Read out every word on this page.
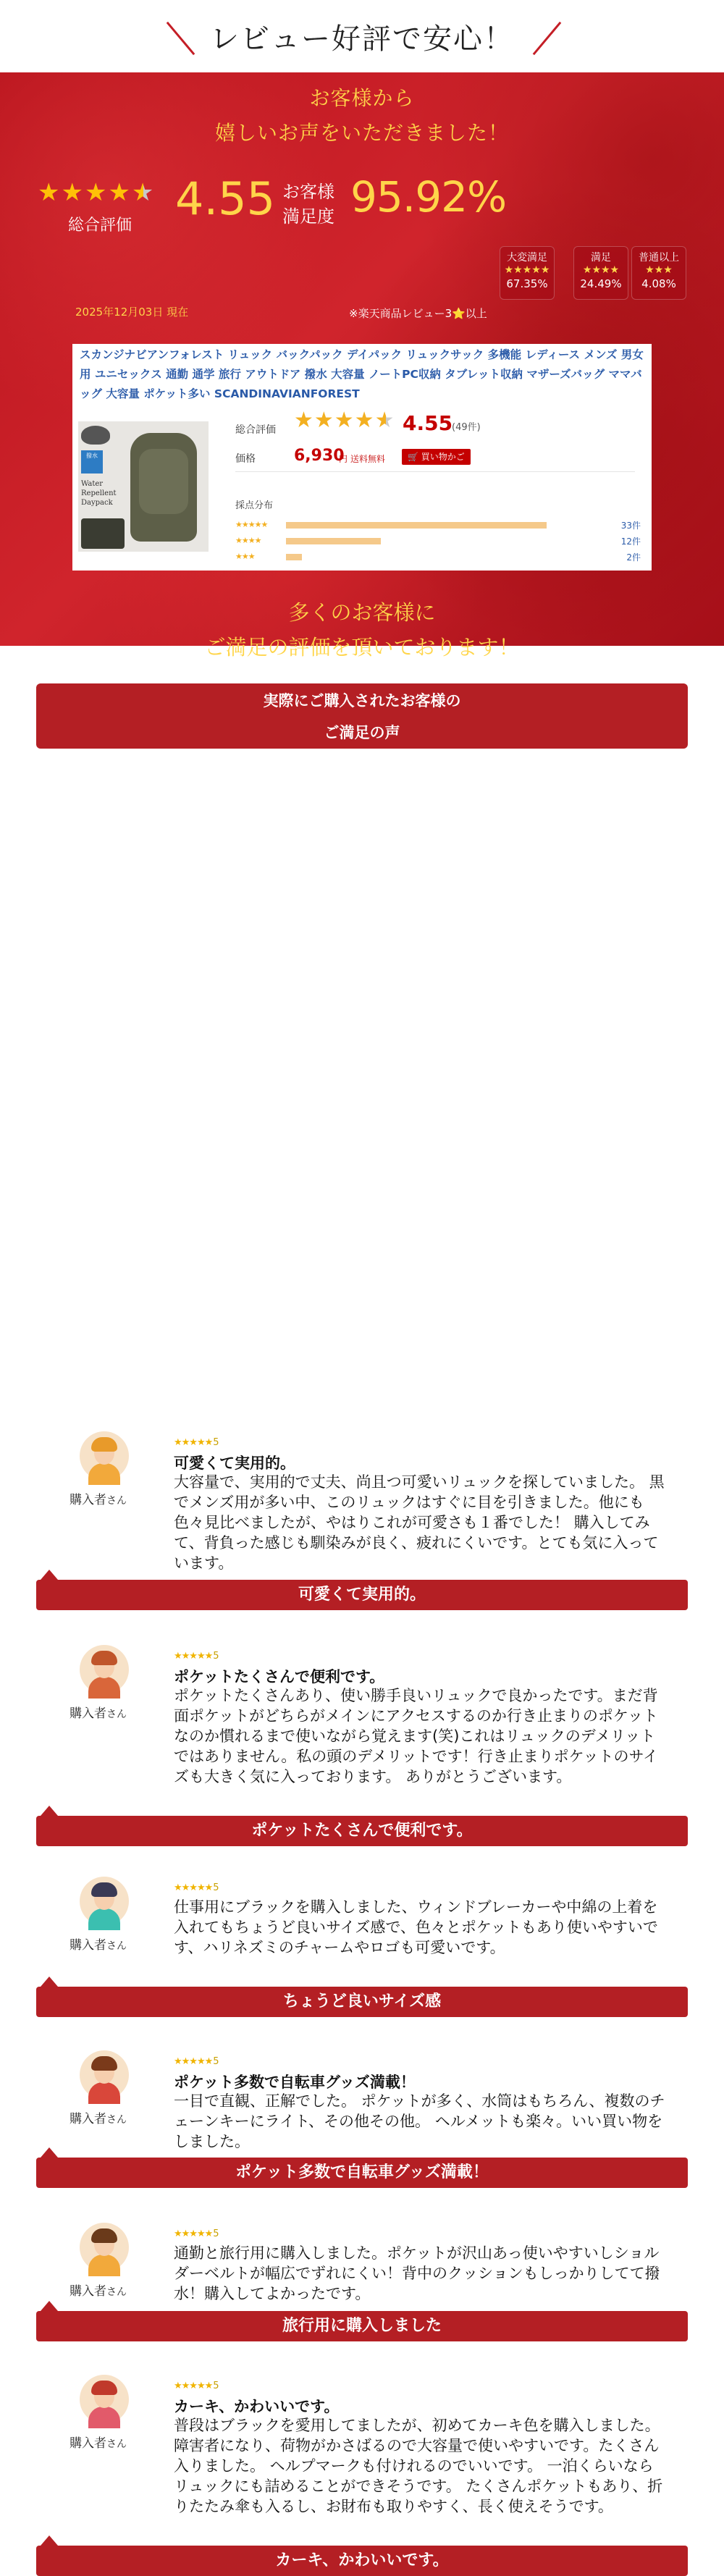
レビュー好評で安心！
お客様から
嬉しいお声をいただきました！
★★★★★
総合評価
4.55 お客様
満足度 95.92%
大変満足
★★★★★
67.35%
満足
★★★★
24.49%
普通以上
★★★
4.08%
2025年12月03日 現在	※楽天商品レビュー3⭐以上
スカンジナビアンフォレスト リュック バックパック デイパック リュックサック 多機能 レディース メンズ 男女用 ユニセックス 通勤 通学 旅行 アウトドア 撥水 大容量 ノートPC収納 タブレット収納 マザーズバッグ ママバッグ 大容量 ポケット多い SCANDINAVIANFOREST
撥水
Water Repellent Daypack
総合評価 ★★★★★ 4.55
(49件)
価格 6,930
円 送料無料	🛒 買い物かご
採点分布
★★★★★	33件
★★★★	12件
★★★	2件
多くのお客様に
ご満足の評価を頂いております！
実際にご購入されたお客様の
ご満足の声
購入者さん
★★★★★5
可愛くて実用的。
大容量で、実用的で丈夫、尚且つ可愛いリュックを探していました。 黒でメンズ用が多い中、このリュックはすぐに目を引きました。他にも色々見比べましたが、やはりこれが可愛さも１番でした！ 購入してみて、背負った感じも馴染みが良く、疲れにくいです。とても気に入っています。
可愛くて実用的。
購入者さん
★★★★★5
ポケットたくさんで便利です。
ポケットたくさんあり、使い勝手良いリュックで良かったです。まだ背面ポケットがどちらがメインにアクセスするのか行き止まりのポケットなのか慣れるまで使いながら覚えます(笑)これはリュックのデメリットではありません。私の頭のデメリットです！行き止まりポケットのサイズも大きく気に入っております。 ありがとうございます。
ポケットたくさんで便利です。
購入者さん
★★★★★5
仕事用にブラックを購入しました、ウィンドブレーカーや中綿の上着を入れてもちょうど良いサイズ感で、色々とポケットもあり使いやすいです、ハリネズミのチャームやロゴも可愛いです。
ちょうど良いサイズ感
購入者さん
★★★★★5
ポケット多数で自転車グッズ満載！
一目で直観、正解でした。 ポケットが多く、水筒はもちろん、複数のチェーンキーにライト、その他その他。 ヘルメットも楽々。いい買い物をしました。
ポケット多数で自転車グッズ満載！
購入者さん
★★★★★5
通勤と旅行用に購入しました。ポケットが沢山あっ使いやすいしショルダーベルトが幅広でずれにくい！背中のクッションもしっかりしてて撥水！購入してよかったです。
旅行用に購入しました
購入者さん
★★★★★5
カーキ、かわいいです。
普段はブラックを愛用してましたが、初めてカーキ色を購入しました。 障害者になり、荷物がかさばるので大容量で使いやすいです。たくさん入りました。 ヘルプマークも付けれるのでいいです。 一泊くらいならリュックにも詰めることができそうです。 たくさんポケットもあり、折りたたみ傘も入るし、お財布も取りやすく、長く使えそうです。
カーキ、かわいいです。
